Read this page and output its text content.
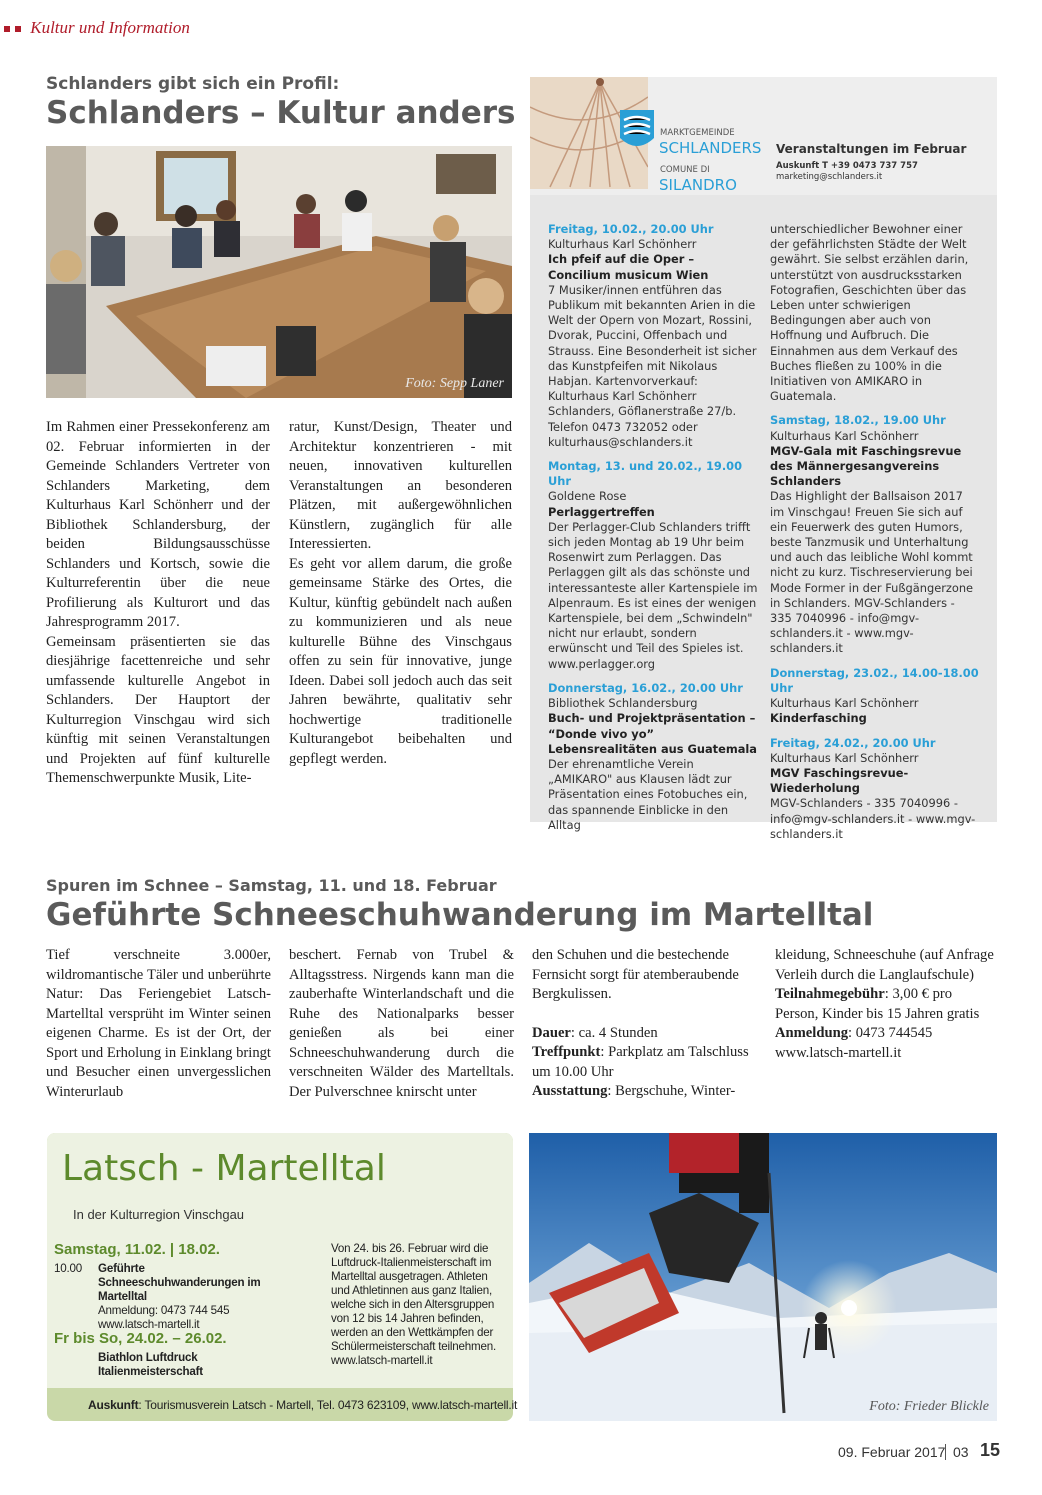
Kultur und Information
Schlanders gibt sich ein Profil:
Schlanders – Kultur anders
Foto: Sepp Laner

Im Rahmen einer Pressekonferenz am 02. Februar informierten in der Gemeinde Schlanders Vertreter von Schlanders Marketing, dem Kulturhaus Karl Schönherr und der Bibliothek Schlandersburg, der beiden Bildungsausschüsse Schlanders und Kortsch, sowie die Kulturreferentin über die neue Profilierung als Kulturort und das Jahresprogramm 2017.

Gemeinsam präsentierten sie das diesjährige facettenreiche und sehr umfassende kulturelle Angebot in Schlanders. Der Hauptort der Kulturregion Vinschgau wird sich künftig mit seinen Veranstaltungen und Projekten auf fünf kulturelle Themenschwerpunkte Musik, Lite-

ratur, Kunst/Design, Theater und Architektur konzentrieren - mit neuen, innovativen kulturellen Veranstaltungen an besonderen Plätzen, mit außergewöhnlichen Künstlern, zugänglich für alle Interessierten.

Es geht vor allem darum, die große gemeinsame Stärke des Ortes, die Kultur, künftig gebündelt nach außen zu kommunizieren und als neue kulturelle Bühne des Vinschgaus offen zu sein für innovative, junge Ideen. Dabei soll jedoch auch das seit Jahren bewährte, qualitativ sehr hochwertige traditionelle Kulturangebot beibehalten und gepflegt werden.

MARKTGEMEINDE
SCHLANDERS
COMUNE DI
SILANDRO
Veranstaltungen im Februar
Auskunft T +39 0473 737 757
marketing@schlanders.it

Freitag, 10.02., 20.00 Uhr

Kulturhaus Karl Schönherr

Ich pfeif auf die Oper – Concilium musicum Wien

7 Musiker/innen entführen das Publikum mit bekannten Arien in die Welt der Opern von Mozart, Rossini, Dvorak, Puccini, Offenbach und Strauss. Eine Besonderheit ist sicher das Kunstpfeifen mit Nikolaus Habjan. Kartenvorverkauf: Kulturhaus Karl Schönherr Schlanders, Göflanerstraße 27/b. Telefon 0473 732052 oder kulturhaus@schlanders.it

Montag, 13. und 20.02., 19.00 Uhr

Goldene Rose

Perlaggertreffen

Der Perlagger-Club Schlanders trifft sich jeden Montag ab 19 Uhr beim Rosenwirt zum Perlaggen. Das Perlaggen gilt als das schönste und interessanteste aller Kartenspiele im Alpenraum. Es ist eines der wenigen Kartenspiele, bei dem „Schwindeln" nicht nur erlaubt, sondern erwünscht und Teil des Spieles ist. www.perlagger.org

Donnerstag, 16.02., 20.00 Uhr

Bibliothek Schlandersburg

Buch- und Projektpräsentation – “Donde vivo yo” Lebensrealitäten aus Guatemala

Der ehrenamtliche Verein „AMIKARO" aus Klausen lädt zur Präsentation eines Fotobuches ein, das spannende Einblicke in den Alltag

unterschiedlicher Bewohner einer der gefährlichsten Städte der Welt gewährt. Sie selbst erzählen darin, unterstützt von ausdrucksstarken Fotografien, Geschichten über das Leben unter schwierigen Bedingungen aber auch von Hoffnung und Aufbruch. Die Einnahmen aus dem Verkauf des Buches fließen zu 100% in die Initiativen von AMIKARO in Guatemala.

Samstag, 18.02., 19.00 Uhr

Kulturhaus Karl Schönherr

MGV-Gala mit Faschingsrevue des Männergesangvereins Schlanders

Das Highlight der Ballsaison 2017 im Vinschgau! Freuen Sie sich auf ein Feuerwerk des guten Humors, beste Tanzmusik und Unterhaltung und auch das leibliche Wohl kommt nicht zu kurz. Tischreservierung bei Mode Former in der Fußgängerzone in Schlanders. MGV-Schlanders - 335 7040996 - info@mgv-schlanders.it - www.mgv-schlanders.it

Donnerstag, 23.02., 14.00-18.00 Uhr

Kulturhaus Karl Schönherr

Kinderfasching

Freitag, 24.02., 20.00 Uhr

Kulturhaus Karl Schönherr

MGV Faschingsrevue-Wiederholung

MGV-Schlanders - 335 7040996 - info@mgv-schlanders.it - www.mgv-schlanders.it

Spuren im Schnee – Samstag, 11. und 18. Februar
Geführte Schneeschuhwanderung im Martelltal

Tief verschneite 3.000er, wildromantische Täler und unberührte Natur: Das Feriengebiet Latsch-Martelltal versprüht im Winter seinen eigenen Charme. Es ist der Ort, der Sport und Erholung in Einklang bringt und Besucher einen unvergesslichen Winterurlaub

beschert. Fernab von Trubel & Alltagsstress. Nirgends kann man die zauberhafte Winterlandschaft und die Ruhe des Nationalparks besser genießen als bei einer Schneeschuhwanderung durch die verschneiten Wälder des Martelltals. Der Pulverschnee knirscht unter

den Schuhen und die bestechende Fernsicht sorgt für atemberaubende Bergkulissen.

Dauer: ca. 4 Stunden

Treffpunkt: Parkplatz am Talschluss um 10.00 Uhr

Ausstattung: Bergschuhe, Winter-

kleidung, Schneeschuhe (auf Anfrage Verleih durch die Langlaufschule)

Teilnahmegebühr: 3,00 € pro Person, Kinder bis 15 Jahren gratis

Anmeldung: 0473 744545

www.latsch-martell.it

Latsch - Martelltal
In der Kulturregion Vinschgau
Samstag, 11.02. | 18.02.
10.00 Geführte Schneeschuhwanderungen im Martelltal
Anmeldung: 0473 744 545
www.latsch-martell.it
Fr bis So, 24.02. – 26.02.
Biathlon Luftdruck Italienmeisterschaft
Von 24. bis 26. Februar wird die Luftdruck-Italienmeisterschaft im Martelltal ausgetragen. Athleten und Athletinnen aus ganz Italien, welche sich in den Altersgruppen von 12 bis 14 Jahren befinden, werden an den Wettkämpfen der Schülermeisterschaft teilnehmen.
www.latsch-martell.it
Auskunft: Tourismusverein Latsch - Martell, Tel. 0473 623109, www.latsch-martell.it	Foto: Frieder Blickle
09. Februar 2017 03 15
